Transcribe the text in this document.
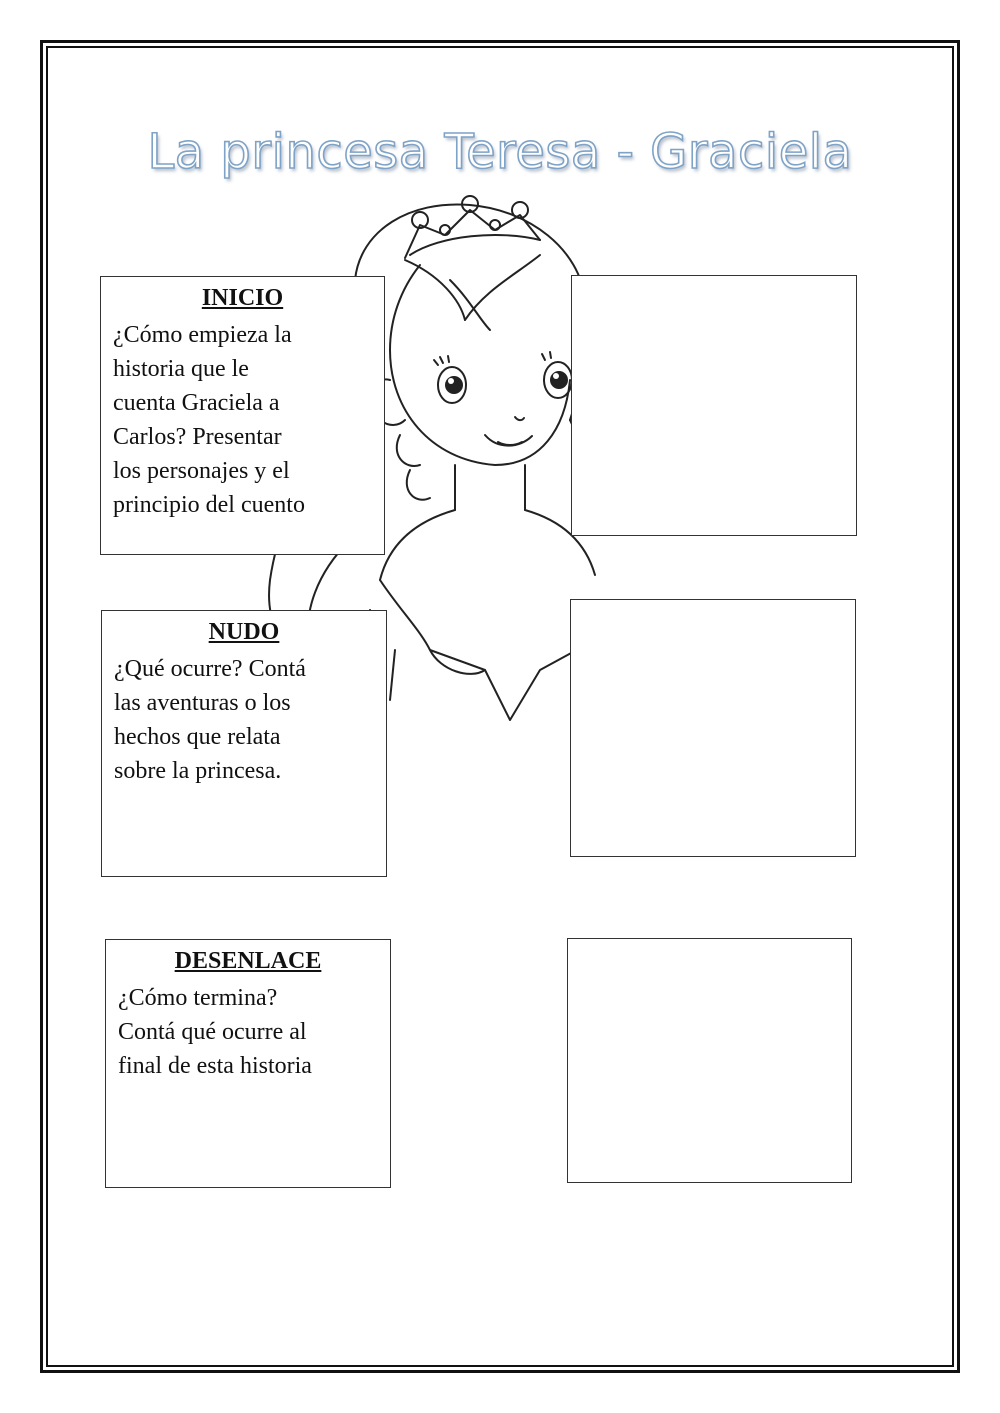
La princesa Teresa - Graciela
INICIO

¿Cómo empieza la
historia que le
cuenta Graciela a
Carlos? Presentar
los personajes y el
principio del cuento

NUDO

¿Qué ocurre? Contá
las aventuras o los
hechos que relata
sobre la princesa.

DESENLACE

¿Cómo termina?
Contá qué ocurre al
final de esta historia
